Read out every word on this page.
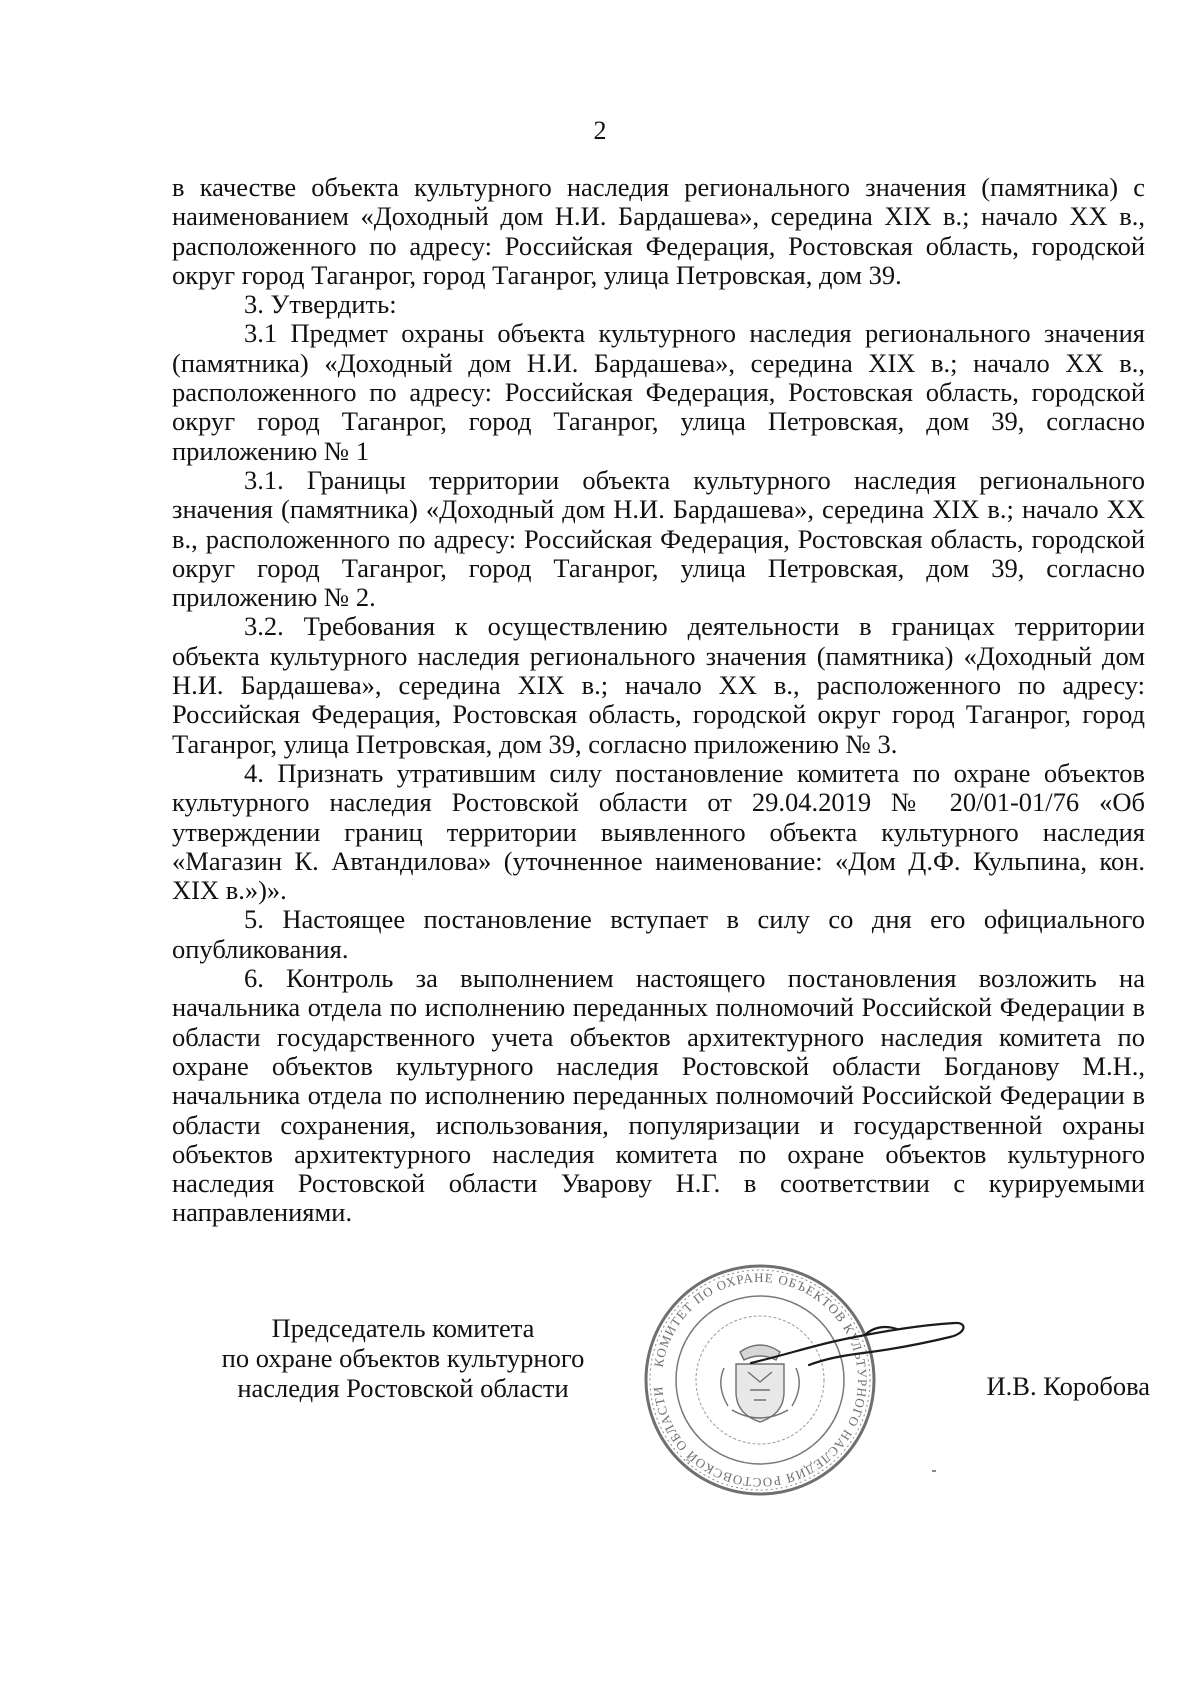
2

в качестве объекта культурного наследия регионального значения (памятника) с наименованием «Доходный дом Н.И. Бардашева», середина XIX в.; начало XX в., расположенного по адресу: Российская Федерация, Ростовская область, городской округ город Таганрог, город Таганрог, улица Петровская, дом 39.

3. Утвердить:

3.1 Предмет охраны объекта культурного наследия регионального значения (памятника) «Доходный дом Н.И. Бардашева», середина XIX в.; начало XX в., расположенного по адресу: Российская Федерация, Ростовская область, городской округ город Таганрог, город Таганрог, улица Петровская, дом 39, согласно приложению № 1

3.1. Границы территории объекта культурного наследия регионального значения (памятника) «Доходный дом Н.И. Бардашева», середина XIX в.; начало XX в., расположенного по адресу: Российская Федерация, Ростовская область, городской округ город Таганрог, город Таганрог, улица Петровская, дом 39, согласно приложению № 2.

3.2. Требования к осуществлению деятельности в границах территории объекта культурного наследия регионального значения (памятника) «Доходный дом Н.И. Бардашева», середина XIX в.; начало XX в., расположенного по адресу: Российская Федерация, Ростовская область, городской округ город Таганрог, город Таганрог, улица Петровская, дом 39, согласно приложению № 3.

4. Признать утратившим силу постановление комитета по охране объектов культурного наследия Ростовской области от 29.04.2019 № 20/01-01/76 «Об утверждении границ территории выявленного объекта культурного наследия «Магазин К. Автандилова» (уточненное наименование: «Дом Д.Ф. Кульпина, кон. XIX в.»)».

5. Настоящее постановление вступает в силу со дня его официального опубликования.

6. Контроль за выполнением настоящего постановления возложить на начальника отдела по исполнению переданных полномочий Российской Федерации в области государственного учета объектов архитектурного наследия комитета по охране объектов культурного наследия Ростовской области Богданову М.Н., начальника отдела по исполнению переданных полномочий Российской Федерации в области сохранения, использования, популяризации и государственной охраны объектов архитектурного наследия комитета по охране объектов культурного наследия Ростовской области Уварову Н.Г. в соответствии с курируемыми направлениями.

Председатель комитета
по охране объектов культурного
наследия Ростовской области
КОМИТЕТ ПО ОХРАНЕ ОБЪЕКТОВ КУЛЬТУРНОГО НАСЛЕДИЯ РОСТОВСКОЙ ОБЛАСТИ	И.В. Коробова
